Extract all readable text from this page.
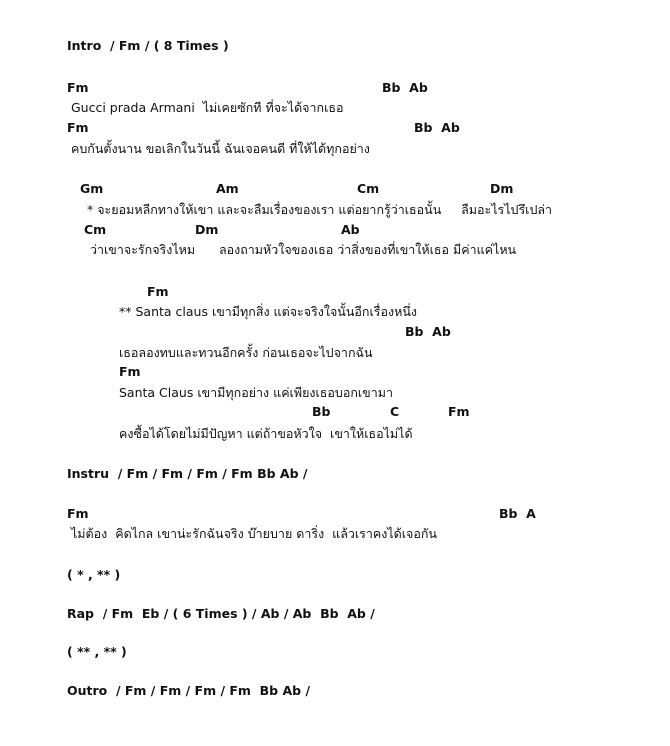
Intro  / Fm / ( 8 Times )
Fm	Bb  Ab
Gucci prada Armani  ไม่เคยซักที ที่จะได้จากเธอ
Fm	Bb  Ab
คบกันตั้งนาน ขอเลิกในวันนี้ ฉันเจอคนดี ที่ให้ได้ทุกอย่าง
Gm	Am	Cm	Dm
* จะยอมหลีกทางให้เขา และจะลืมเรื่องของเรา แต่อยากรู้ว่าเธอนั้น     ลืมอะไรไปรึเปล่า
Cm	Dm	Ab
ว่าเขาจะรักจริงไหม      ลองถามหัวใจของเธอ ว่าสิ่งของที่เขาให้เธอ มีค่าแค่ไหน
Fm
** Santa claus เขามีทุกสิ่ง แต่จะจริงใจนั้นอีกเรื่องหนึ่ง
Bb  Ab
เธอลองทบและทวนอีกครั้ง ก่อนเธอจะไปจากฉัน
Fm
Santa Claus เขามีทุกอย่าง แค่เพียงเธอบอกเขามา
Bb	C	Fm
คงซื้อได้โดยไม่มีปัญหา แต่ถ้าขอหัวใจ  เขาให้เธอไม่ได้
Instru  / Fm / Fm / Fm / Fm Bb Ab /
Fm	Bb  A
ไม่ต้อง  คิดไกล เขาน่ะรักฉันจริง บ๊ายบาย ดาริ่ง  แล้วเราคงได้เจอกัน
( * , ** )
Rap  / Fm  Eb / ( 6 Times ) / Ab / Ab  Bb  Ab /
( ** , ** )
Outro  / Fm / Fm / Fm / Fm  Bb Ab /
